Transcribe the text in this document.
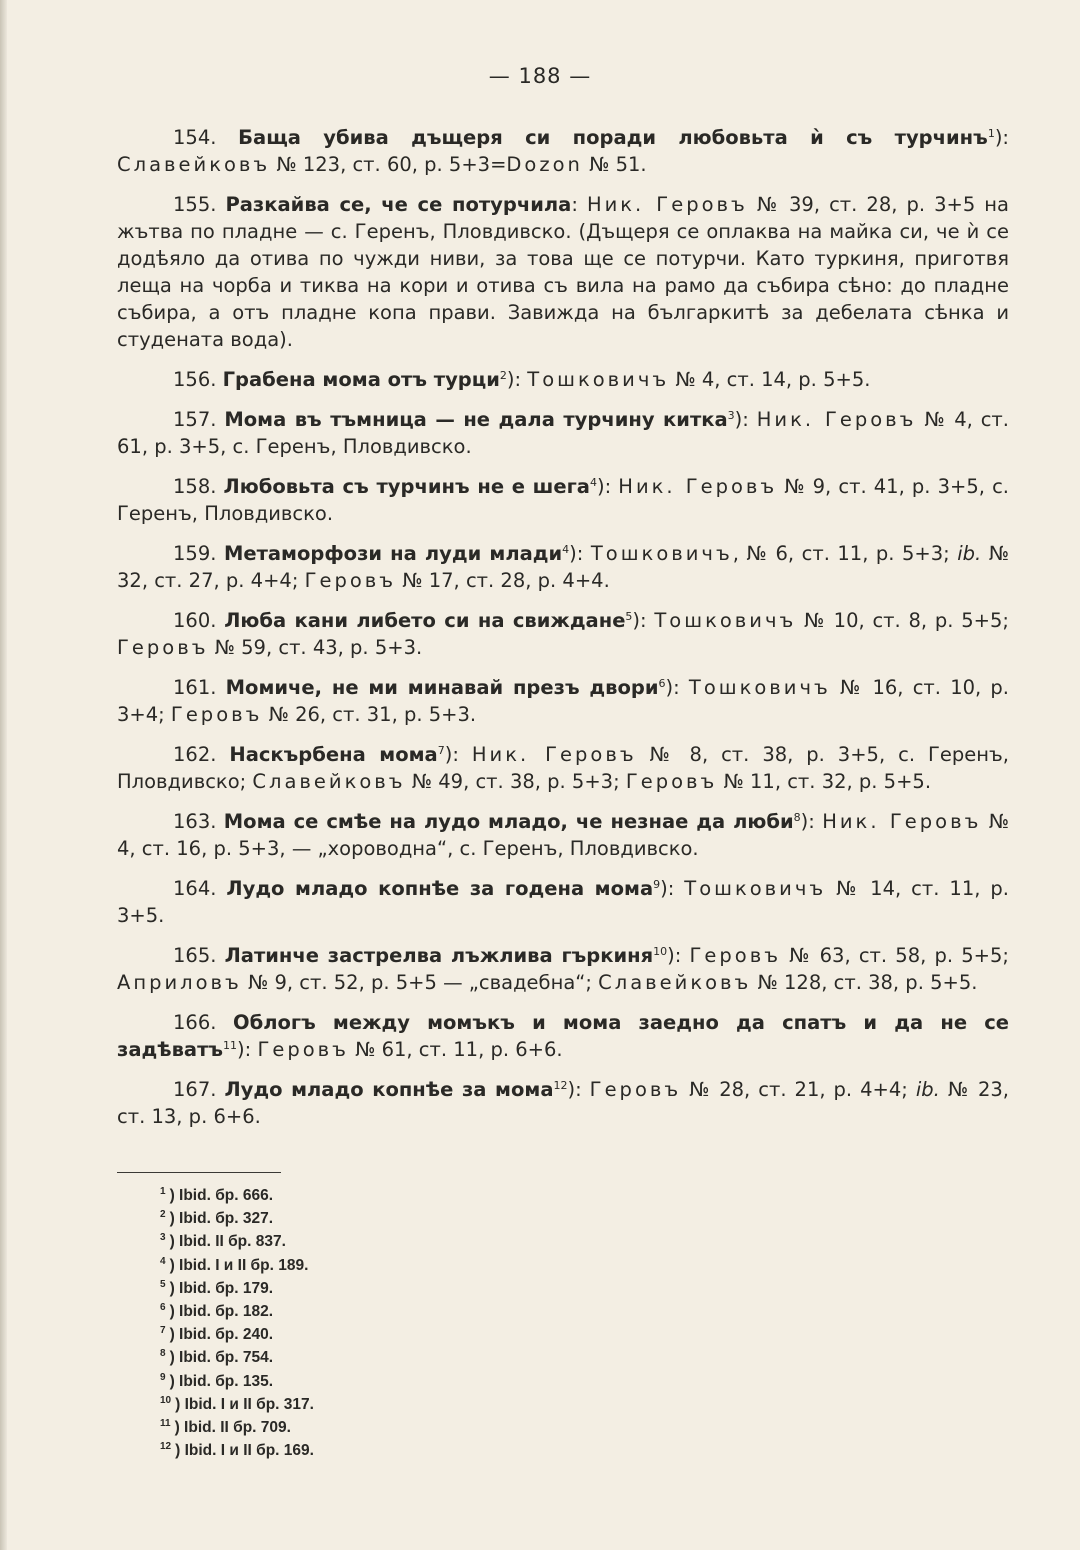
— 188 —

154. Баща убива дъщеря си поради любовьта ѝ съ турчинъ$^1$): Славейковъ № 123, ст. 60, р. 5+3=Dozon № 51.

155. Разкайва се, че се потурчила: Ник. Геровъ № 39, ст. 28, р. 3+5 на жътва по пладне — с. Геренъ, Пловдивско. (Дъщеря се оплаква на майка си, че ѝ се додѣяло да отива по чужди ниви, за това ще се потурчи. Като туркиня, приготвя леща на чорба и тиква на кори и отива съ вила на рамо да събира сѣно: до пладне събира, а отъ пладне копа прави. Завижда на българкитѣ за дебелата сѣнка и студената вода).

156. Грабена мома отъ турци$^2$): Тошковичъ № 4, ст. 14, р. 5+5.

157. Мома въ тъмница — не дала турчину китка$^3$): Ник. Геровъ № 4, ст. 61, р. 3+5, с. Геренъ, Пловдивско.

158. Любовьта съ турчинъ не е шега$^4$): Ник. Геровъ № 9, ст. 41, р. 3+5, с. Геренъ, Пловдивско.

159. Метаморфози на луди млади$^4$): Тошковичъ, № 6, ст. 11, р. 5+3; ib. № 32, ст. 27, р. 4+4; Геровъ № 17, ст. 28, р. 4+4.

160. Люба кани либето си на свиждане$^5$): Тошковичъ № 10, ст. 8, р. 5+5; Геровъ № 59, ст. 43, р. 5+3.

161. Момиче, не ми минавай презъ двори$^6$): Тошковичъ № 16, ст. 10, р. 3+4; Геровъ № 26, ст. 31, р. 5+3.

162. Наскърбена мома$^7$): Ник. Геровъ № 8, ст. 38, р. 3+5, с. Геренъ, Пловдивско; Славейковъ № 49, ст. 38, р. 5+3; Геровъ № 11, ст. 32, р. 5+5.

163. Мома се смѣе на лудо младо, че незнае да люби$^8$): Ник. Геровъ № 4, ст. 16, р. 5+3, — „хороводна“, с. Геренъ, Пловдивско.

164. Лудо младо копнѣе за годена мома$^9$): Тошковичъ № 14, ст. 11, р. 3+5.

165. Латинче застрелва лъжлива гъркиня$^{10}$): Геровъ № 63, ст. 58, р. 5+5; Априловъ № 9, ст. 52, р. 5+5 — „свадебна“; Славейковъ № 128, ст. 38, р. 5+5.

166. Облогъ между момъкъ и мома заедно да спатъ и да не се задѣватъ$^{11}$): Геровъ № 61, ст. 11, р. 6+6.

167. Лудо младо копнѣе за мома$^{12}$): Геровъ № 28, ст. 21, р. 4+4; ib. № 23, ст. 13, р. 6+6.

$^1$ ) Ibid. бр. 666.
$^2$ ) Ibid. бр. 327.
$^3$ ) Ibid. II бр. 837.
$^4$ ) Ibid. I и II бр. 189.
$^5$ ) Ibid. бр. 179.
$^6$ ) Ibid. бр. 182.
$^7$ ) Ibid. бр. 240.
$^8$ ) Ibid. бр. 754.
$^9$ ) Ibid. бр. 135.
$^{10}$ ) Ibid. I и II бр. 317.
$^{11}$ ) Ibid. II бр. 709.
$^{12}$ ) Ibid. I и II бр. 169.
